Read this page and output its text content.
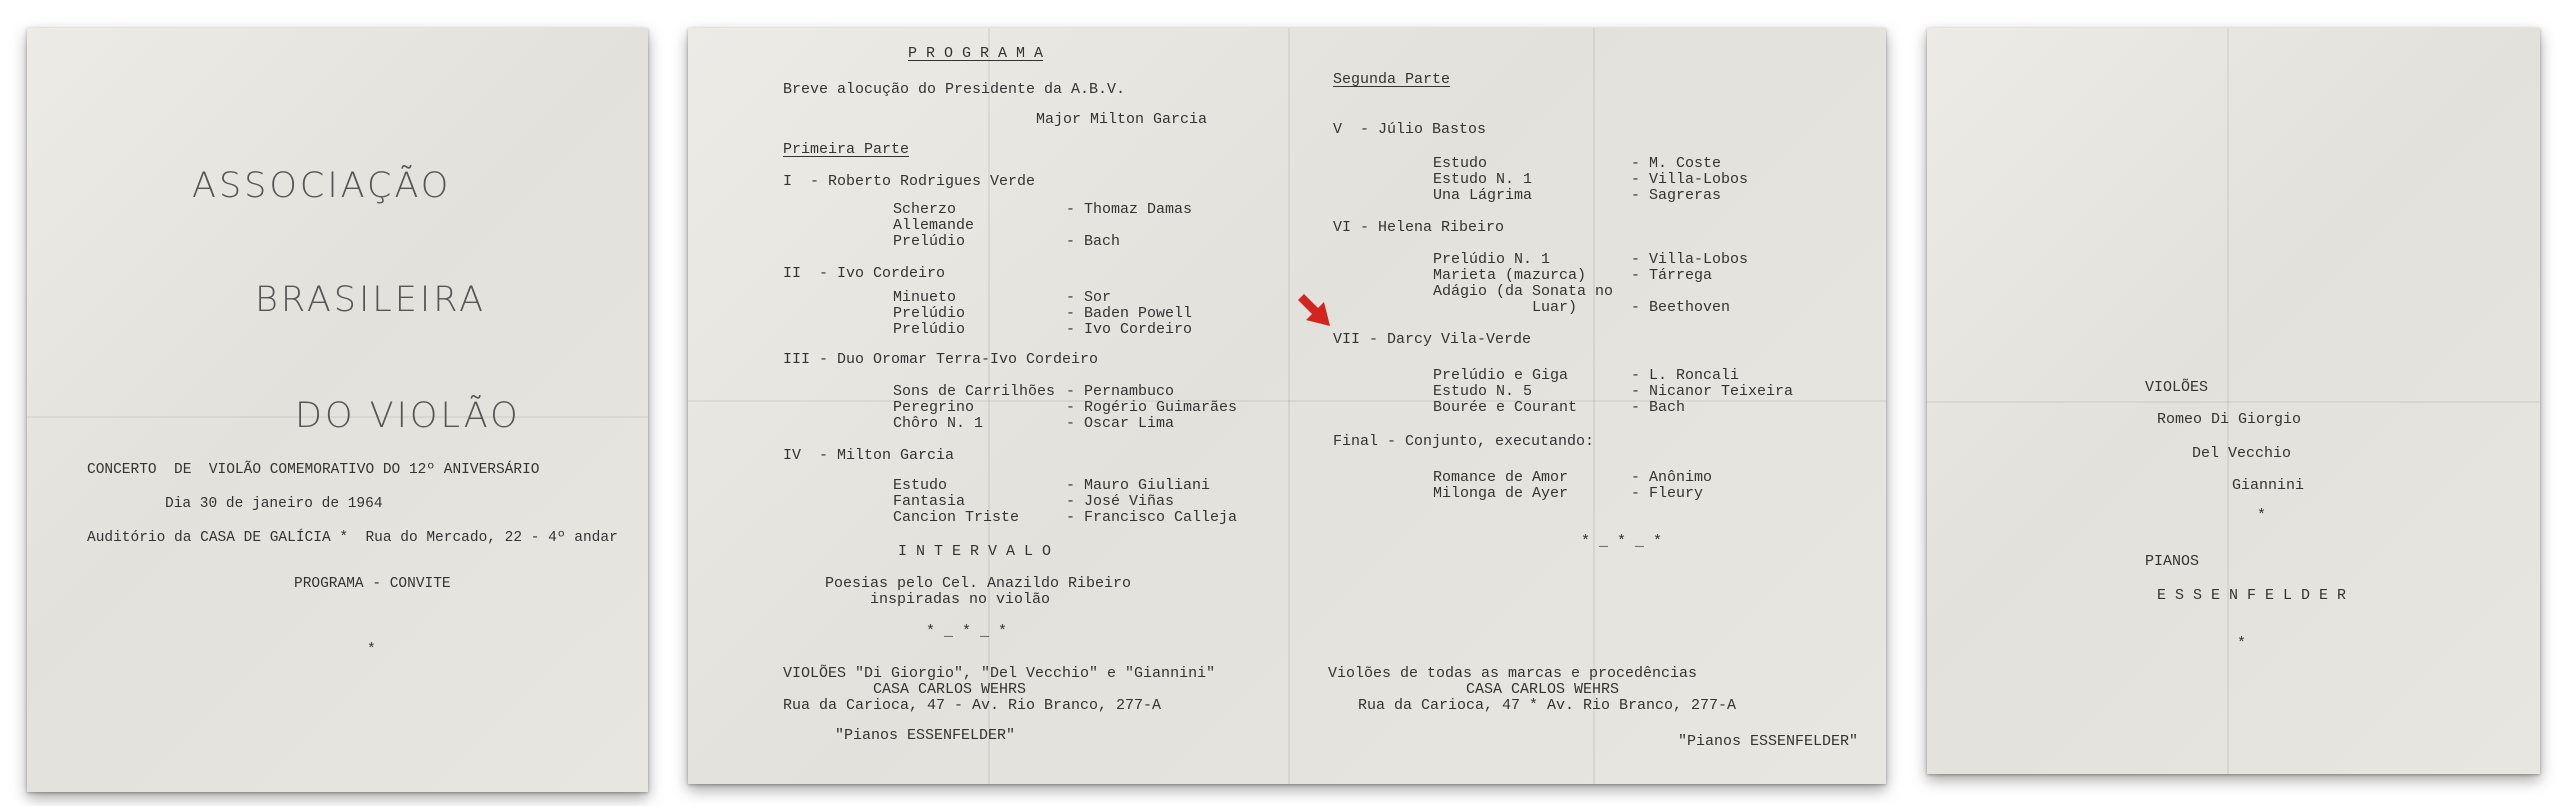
ASSOCIAÇÃO
BRASILEIRA
DO VIOLÃO
CONCERTO  DE  VIOLÃO COMEMORATIVO DO 12º ANIVERSÁRIO
Dia 30 de janeiro de 1964
Auditório da CASA DE GALÍCIA *  Rua do Mercado, 22 - 4º andar
PROGRAMA - CONVITE
*
P R O G R A M A
Breve alocução do Presidente da A.B.V.
Major Milton Garcia
Primeira Parte
I  - Roberto Rodrigues Verde
Scherzo	- Thomaz Damas
Allemande
Prelúdio	- Bach
II  - Ivo Cordeiro
Minueto	- Sor
Prelúdio	- Baden Powell
Prelúdio	- Ivo Cordeiro
III - Duo Oromar Terra-Ivo Cordeiro
Sons de Carrilhões - Pernambuco
Peregrino	- Rogério Guimarães
Chôro N. 1	- Oscar Lima
IV  - Milton Garcia
Estudo	- Mauro Giuliani
Fantasia	- José Viñas
Cancion Triste	- Francisco Calleja
I N T E R V A L O
Poesias pelo Cel. Anazildo Ribeiro
inspiradas no violão
* _ * _ *
VIOLÕES "Di Giorgio", "Del Vecchio" e "Giannini"
CASA CARLOS WEHRS
Rua da Carioca, 47 - Av. Rio Branco, 277-A
"Pianos ESSENFELDER"
Segunda Parte
V  - Júlio Bastos
Estudo	- M. Coste
Estudo N. 1	- Villa-Lobos
Una Lágrima	- Sagreras
VI - Helena Ribeiro
Prelúdio N. 1	- Villa-Lobos
Marieta (mazurca)	- Tárrega
Adágio (da Sonata no
Luar)	- Beethoven
VII - Darcy Vila-Verde
Prelúdio e Giga	- L. Roncali
Estudo N. 5	- Nicanor Teixeira
Bourée e Courant	- Bach
Final - Conjunto, executando:
Romance de Amor	- Anônimo
Milonga de Ayer	- Fleury
* _ * _ *
Violões de todas as marcas e procedências
CASA CARLOS WEHRS
Rua da Carioca, 47 * Av. Rio Branco, 277-A
"Pianos ESSENFELDER"
VIOLÕES
Romeo Di Giorgio
Del Vecchio
Giannini
*
PIANOS
E S S E N F E L D E R
*
